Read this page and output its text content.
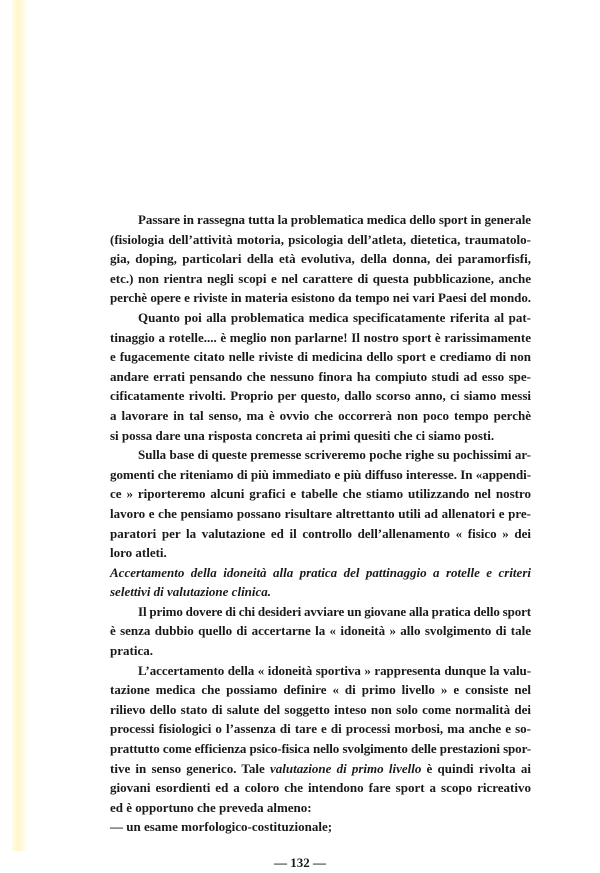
Passare in rassegna tutta la problematica medica dello sport in generale
(fisiologia dell’attività motoria, psicologia dell’atleta, dietetica, traumatolo-
gia, doping, particolari della età evolutiva, della donna, dei paramorfisfi,
etc.) non rientra negli scopi e nel carattere di questa pubblicazione, anche
perchè opere e riviste in materia esistono da tempo nei vari Paesi del mondo.
Quanto poi alla problematica medica specificatamente riferita al pat-
tinaggio a rotelle.... è meglio non parlarne! Il nostro sport è rarissimamente
e fugacemente citato nelle riviste di medicina dello sport e crediamo di non
andare errati pensando che nessuno finora ha compiuto studi ad esso spe-
cificatamente rivolti. Proprio per questo, dallo scorso anno, ci siamo messi
a lavorare in tal senso, ma è ovvio che occorrerà non poco tempo perchè
si possa dare una risposta concreta ai primi quesiti che ci siamo posti.
Sulla base di queste premesse scriveremo poche righe su pochissimi ar-
gomenti che riteniamo di più immediato e più diffuso interesse. In «appendi-
ce » riporteremo alcuni grafici e tabelle che stiamo utilizzando nel nostro
lavoro e che pensiamo possano risultare altrettanto utili ad allenatori e pre-
paratori per la valutazione ed il controllo dell’allenamento « fisico » dei
loro atleti.
Accertamento della idoneità alla pratica del pattinaggio a rotelle e criteri
selettivi di valutazione clinica.
Il primo dovere di chi desideri avviare un giovane alla pratica dello sport
è senza dubbio quello di accertarne la « idoneità » allo svolgimento di tale
pratica.
L’accertamento della « idoneità sportiva » rappresenta dunque la valu-
tazione medica che possiamo definire « di primo livello » e consiste nel
rilievo dello stato di salute del soggetto inteso non solo come normalità dei
processi fisiologici o l’assenza di tare e di processi morbosi, ma anche e so-
prattutto come efficienza psico-fisica nello svolgimento delle prestazioni spor-
tive in senso generico. Tale valutazione di primo livello è quindi rivolta ai
giovani esordienti ed a coloro che intendono fare sport a scopo ricreativo
ed è opportuno che preveda almeno:
— un esame morfologico-costituzionale;
— 132 —
